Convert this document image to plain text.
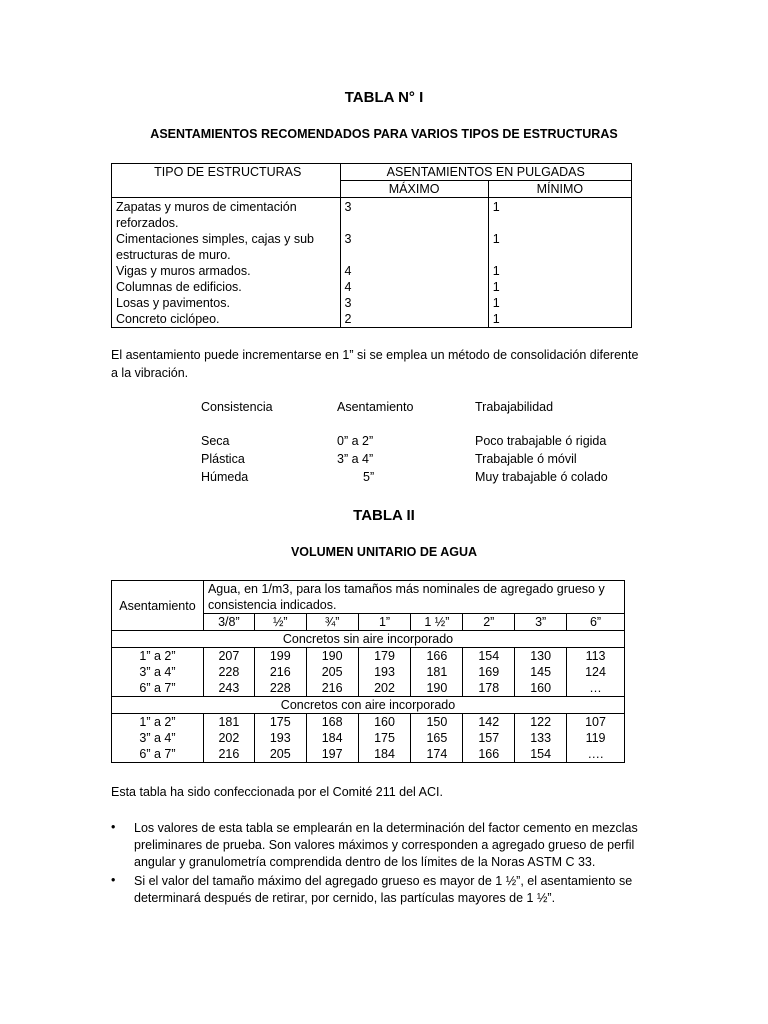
TABLA N° I
ASENTAMIENTOS RECOMENDADOS PARA VARIOS TIPOS DE ESTRUCTURAS
TIPO DE ESTRUCTURAS	ASENTAMIENTOS EN PULGADAS	
	MÁXIMO	MÍNIMO
Zapatas y muros de cimentación
reforzados.	3	1
Cimentaciones simples, cajas y sub
estructuras de muro.	3	1
Vigas y muros armados.	4	1
Columnas de edificios.	4	1
Losas y pavimentos.	3	1
Concreto ciclópeo.	2	1
El asentamiento puede incrementarse en 1” si se emplea un método de consolidación diferente
a la vibración.
Consistencia	Asentamiento	Trabajabilidad
Seca	0” a 2”	Poco trabajable ó rigida
Plástica	3” a 4”	Trabajable ó móvil
Húmeda	5”	Muy trabajable ó colado
TABLA II
VOLUMEN UNITARIO DE AGUA
Asentamiento	Agua, en 1/m3, para los tamaños más nominales de agregado grueso y
consistencia indicados.							

	3/8”	½”	¾”	1”	1 ½”	2”	3”	6”
Concretos sin aire incorporado								
1” a 2”	207	199	190	179	166	154	130	113
3” a 4”	228	216	205	193	181	169	145	124
6” a 7”	243	228	216	202	190	178	160	…
Concretos con aire incorporado								
1” a 2”	181	175	168	160	150	142	122	107
3” a 4”	202	193	184	175	165	157	133	119
6” a 7”	216	205	197	184	174	166	154	….
Esta tabla ha sido confeccionada por el Comité 211 del ACI.
• Los valores de esta tabla se emplearán en la determinación del factor cemento en mezclas
preliminares de prueba. Son valores máximos y corresponden a agregado grueso de perfil
angular y granulometría comprendida dentro de los límites de la Noras ASTM C 33.
• Si el valor del tamaño máximo del agregado grueso es mayor de 1 ½”, el asentamiento se
determinará después de retirar, por cernido, las partículas mayores de 1 ½”.
